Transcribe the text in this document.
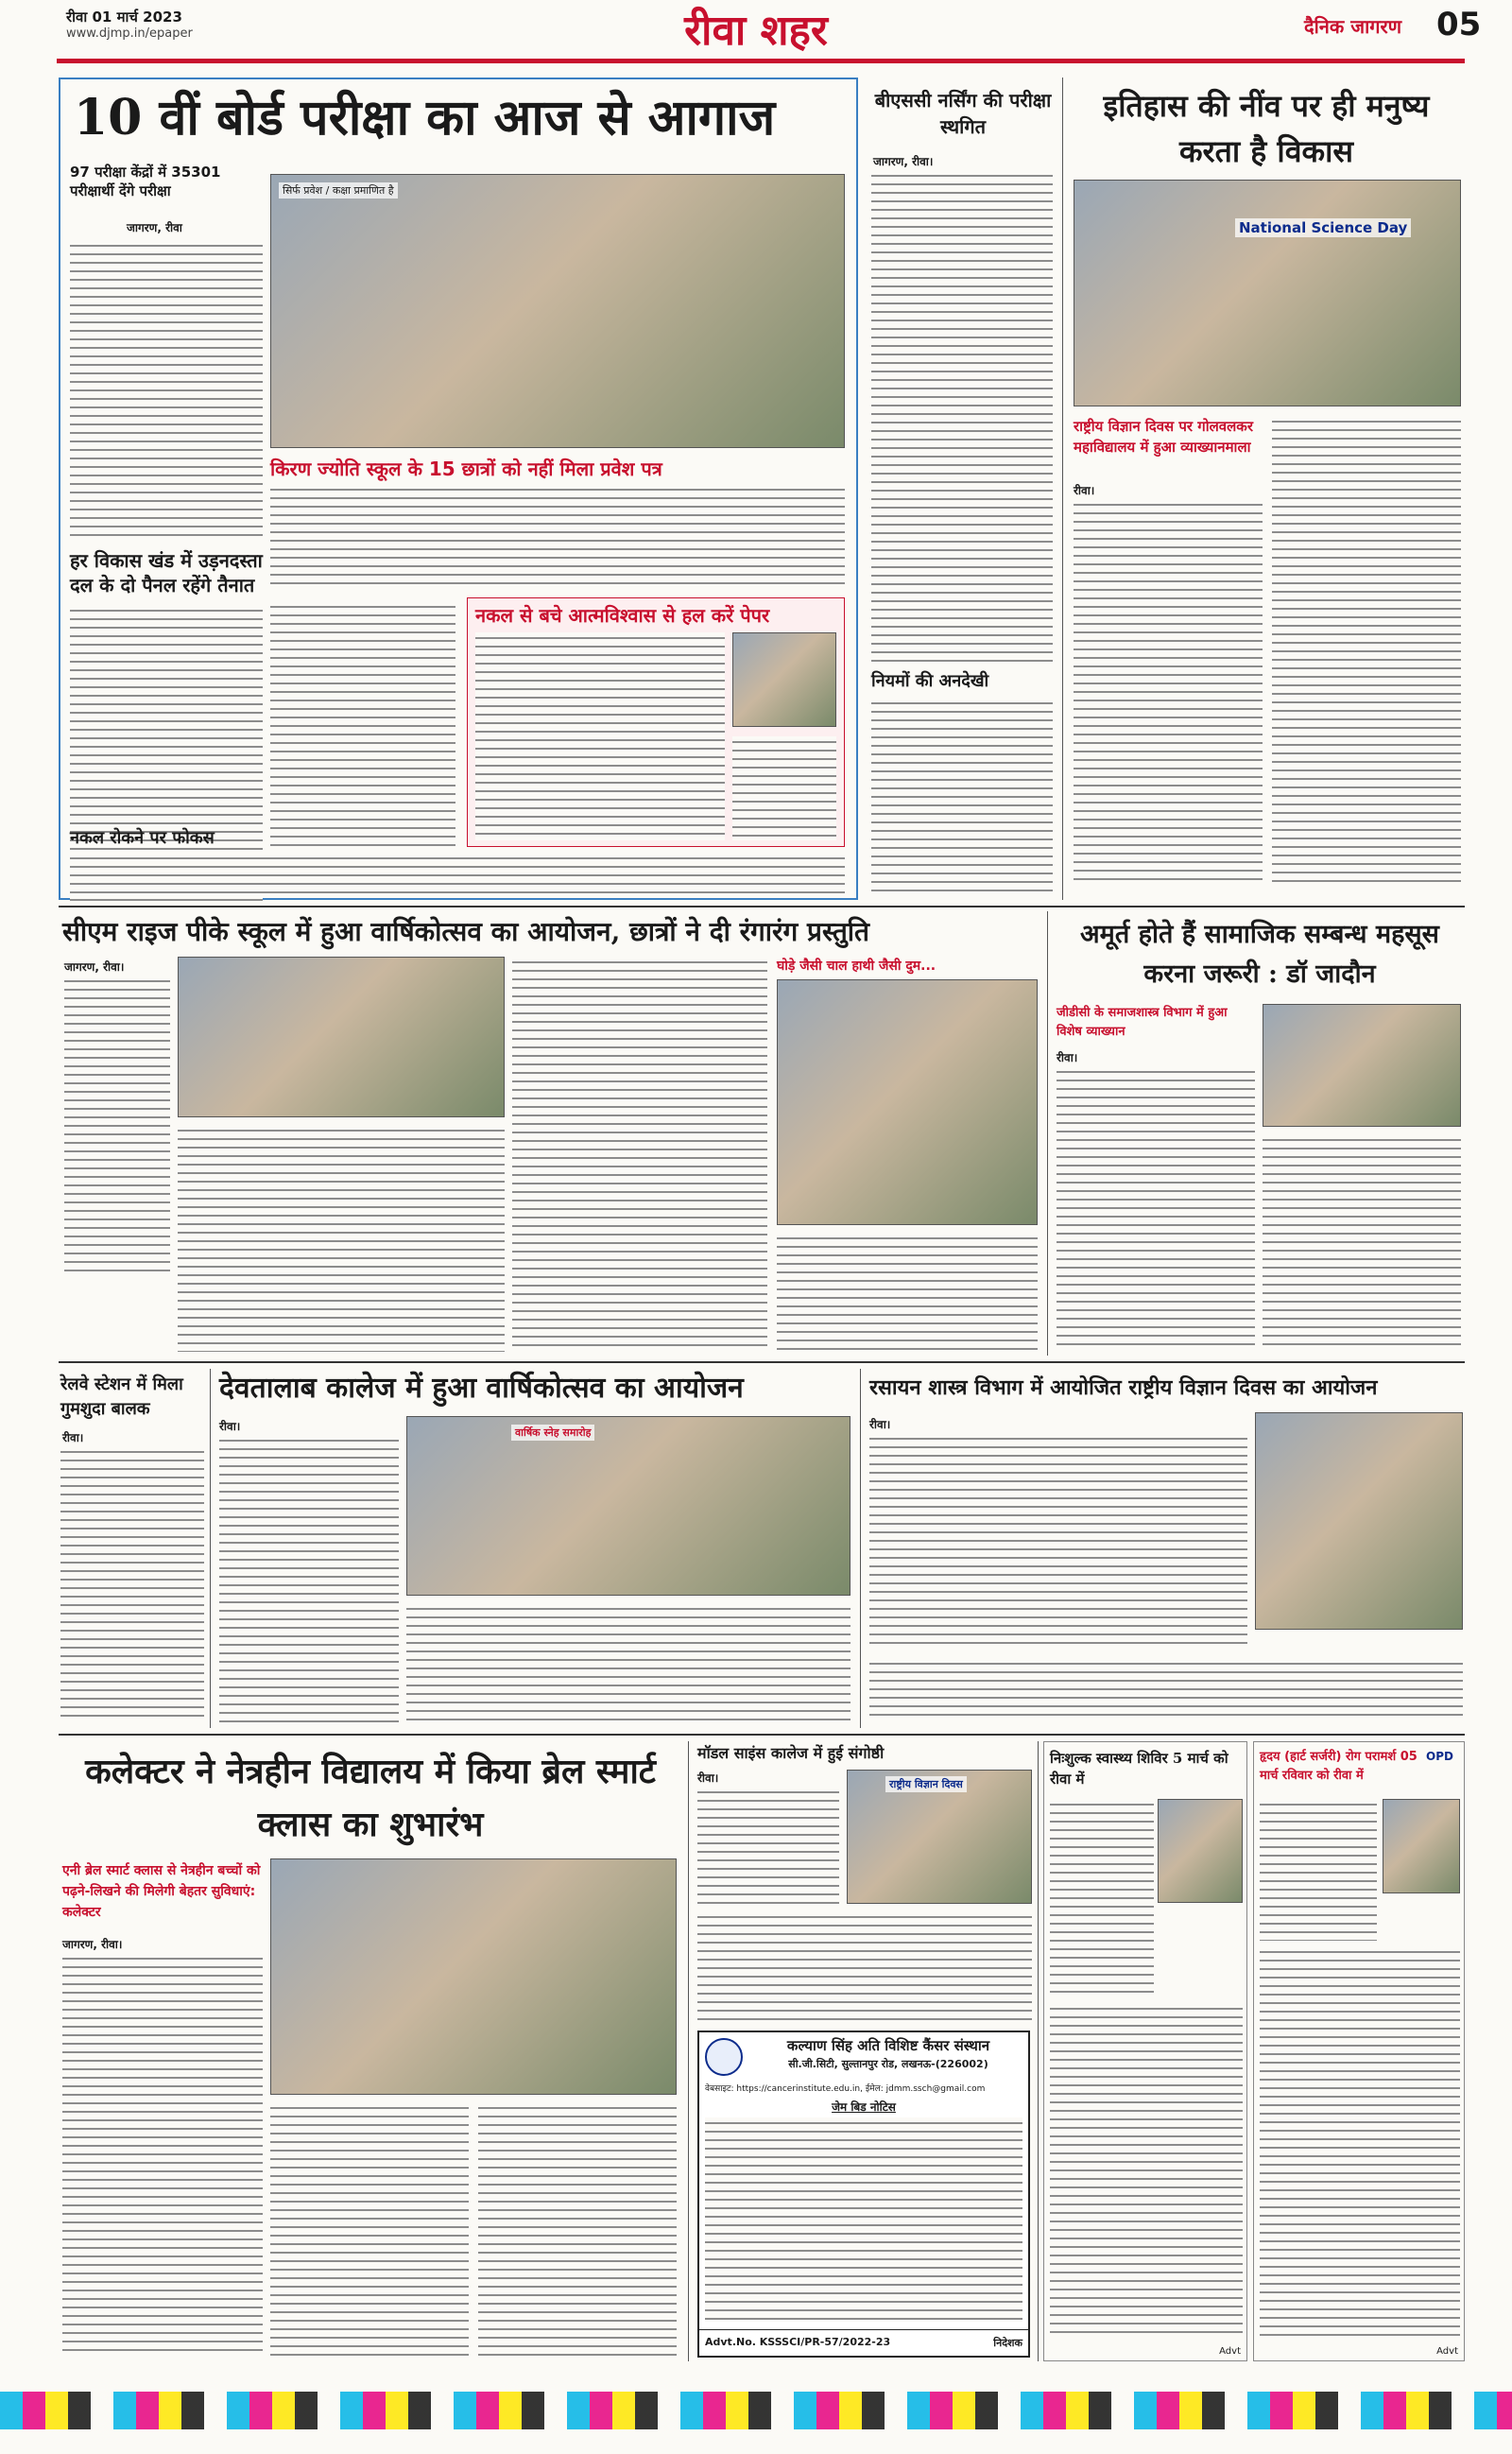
रीवा 01 मार्च 2023
www.djmp.in/epaper	रीवा शहर	दैनिक जागरण 05
10 वीं बोर्ड परीक्षा का आज से आगाज
97 परीक्षा केंद्रों में 35301 परीक्षार्थी देंगे परीक्षा
जागरण, रीवा
हर विकास खंड में उड़नदस्ता दल के दो पैनल रहेंगे तैनात
नकल रोकने पर फोकस
सिर्फ प्रवेश / कक्षा प्रमाणित है
किरण ज्योति स्कूल के 15 छात्रों को नहीं मिला प्रवेश पत्र
नकल से बचे आत्मविश्वास से हल करें पेपर
बीएससी नर्सिंग की परीक्षा स्थगित
जागरण, रीवा।
नियमों की अनदेखी
इतिहास की नींव पर ही मनुष्य करता है विकास
National Science Day
राष्ट्रीय विज्ञान दिवस पर गोलवलकर महाविद्यालय में हुआ व्याख्यानमाला
रीवा।
सीएम राइज पीके स्कूल में हुआ वार्षिकोत्सव का आयोजन, छात्रों ने दी रंगारंग प्रस्तुति
जागरण, रीवा।	घोड़े जैसी चाल हाथी जैसी दुम...
अमूर्त होते हैं सामाजिक सम्बन्ध महसूस करना जरूरी : डॉ जादौन
जीडीसी के समाजशास्त्र विभाग में हुआ विशेष व्याख्यान
रीवा।
रेलवे स्टेशन में मिला गुमशुदा बालक
रीवा।
देवतालाब कालेज में हुआ वार्षिकोत्सव का आयोजन
रीवा।	वार्षिक स्नेह समारोह
रसायन शास्त्र विभाग में आयोजित राष्ट्रीय विज्ञान दिवस का आयोजन
रीवा।
कलेक्टर ने नेत्रहीन विद्यालय में किया ब्रेल स्मार्ट क्लास का शुभारंभ
एनी ब्रेल स्मार्ट क्लास से नेत्रहीन बच्चों को पढ़ने-लिखने की मिलेगी बेहतर सुविधाएं: कलेक्टर
जागरण, रीवा।
मॉडल साइंस कालेज में हुई संगोष्ठी
रीवा।	राष्ट्रीय विज्ञान दिवस
कल्याण सिंह अति विशिष्ट कैंसर संस्थान
सी.जी.सिटी, सुल्तानपुर रोड, लखनऊ-(226002)
वेबसाइट: https://cancerinstitute.edu.in, ईमेल: jdmm.ssch@gmail.com
जेम बिड नोटिस
Advt.No. KSSSCI/PR-57/2022-23	निदेशक
निःशुल्क स्वास्थ्य शिविर 5 मार्च को रीवा में
Advt
हृदय (हार्ट सर्जरी) रोग परामर्श 05 मार्च रविवार को रीवा में
OPD
Advt
